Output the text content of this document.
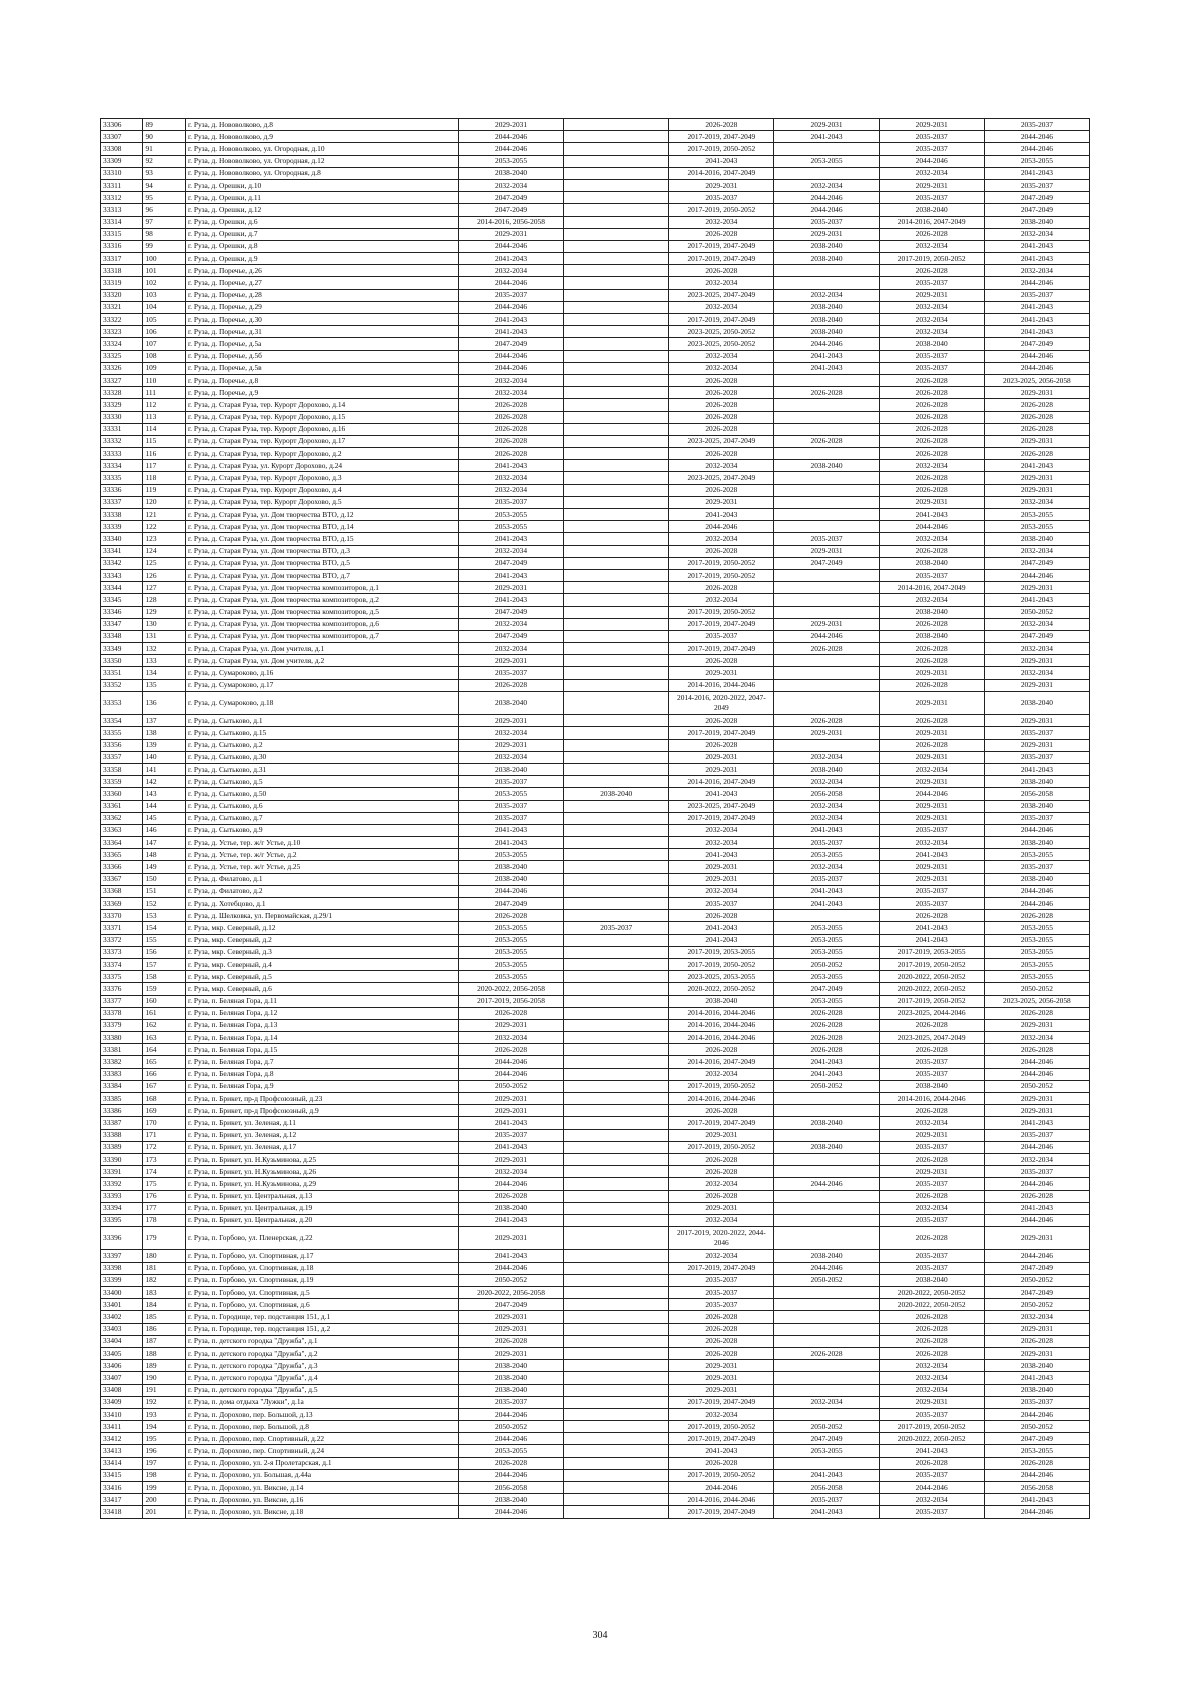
33306	89	г. Руза, д. Нововолково, д.8	2029-2031		2026-2028	2029-2031	2029-2031	2035-2037
33307	90	г. Руза, д. Нововолково, д.9	2044-2046		2017-2019, 2047-2049	2041-2043	2035-2037	2044-2046
33308	91	г. Руза, д. Нововолково, ул. Огородная, д.10	2044-2046		2017-2019, 2050-2052		2035-2037	2044-2046
33309	92	г. Руза, д. Нововолково, ул. Огородная, д.12	2053-2055		2041-2043	2053-2055	2044-2046	2053-2055
33310	93	г. Руза, д. Нововолково, ул. Огородная, д.8	2038-2040		2014-2016, 2047-2049		2032-2034	2041-2043
33311	94	г. Руза, д. Орешки, д.10	2032-2034		2029-2031	2032-2034	2029-2031	2035-2037
33312	95	г. Руза, д. Орешки, д.11	2047-2049		2035-2037	2044-2046	2035-2037	2047-2049
33313	96	г. Руза, д. Орешки, д.12	2047-2049		2017-2019, 2050-2052	2044-2046	2038-2040	2047-2049
33314	97	г. Руза, д. Орешки, д.6	2014-2016, 2056-2058		2032-2034	2035-2037	2014-2016, 2047-2049	2038-2040
33315	98	г. Руза, д. Орешки, д.7	2029-2031		2026-2028	2029-2031	2026-2028	2032-2034
33316	99	г. Руза, д. Орешки, д.8	2044-2046		2017-2019, 2047-2049	2038-2040	2032-2034	2041-2043
33317	100	г. Руза, д. Орешки, д.9	2041-2043		2017-2019, 2047-2049	2038-2040	2017-2019, 2050-2052	2041-2043
33318	101	г. Руза, д. Поречье, д.26	2032-2034		2026-2028		2026-2028	2032-2034
33319	102	г. Руза, д. Поречье, д.27	2044-2046		2032-2034		2035-2037	2044-2046
33320	103	г. Руза, д. Поречье, д.28	2035-2037		2023-2025, 2047-2049	2032-2034	2029-2031	2035-2037
33321	104	г. Руза, д. Поречье, д.29	2044-2046		2032-2034	2038-2040	2032-2034	2041-2043
33322	105	г. Руза, д. Поречье, д.30	2041-2043		2017-2019, 2047-2049	2038-2040	2032-2034	2041-2043
33323	106	г. Руза, д. Поречье, д.31	2041-2043		2023-2025, 2050-2052	2038-2040	2032-2034	2041-2043
33324	107	г. Руза, д. Поречье, д.5а	2047-2049		2023-2025, 2050-2052	2044-2046	2038-2040	2047-2049
33325	108	г. Руза, д. Поречье, д.5б	2044-2046		2032-2034	2041-2043	2035-2037	2044-2046
33326	109	г. Руза, д. Поречье, д.5в	2044-2046		2032-2034	2041-2043	2035-2037	2044-2046
33327	110	г. Руза, д. Поречье, д.8	2032-2034		2026-2028		2026-2028	2023-2025, 2056-2058
33328	111	г. Руза, д. Поречье, д.9	2032-2034		2026-2028	2026-2028	2026-2028	2029-2031
33329	112	г. Руза, д. Старая Руза, тер. Курорт Дорохово, д.14	2026-2028		2026-2028		2026-2028	2026-2028
33330	113	г. Руза, д. Старая Руза, тер. Курорт Дорохово, д.15	2026-2028		2026-2028		2026-2028	2026-2028
33331	114	г. Руза, д. Старая Руза, тер. Курорт Дорохово, д.16	2026-2028		2026-2028		2026-2028	2026-2028
33332	115	г. Руза, д. Старая Руза, тер. Курорт Дорохово, д.17	2026-2028		2023-2025, 2047-2049	2026-2028	2026-2028	2029-2031
33333	116	г. Руза, д. Старая Руза, тер. Курорт Дорохово, д.2	2026-2028		2026-2028		2026-2028	2026-2028
33334	117	г. Руза, д. Старая Руза, ул. Курорт Дорохово, д.24	2041-2043		2032-2034	2038-2040	2032-2034	2041-2043
33335	118	г. Руза, д. Старая Руза, тер. Курорт Дорохово, д.3	2032-2034		2023-2025, 2047-2049		2026-2028	2029-2031
33336	119	г. Руза, д. Старая Руза, тер. Курорт Дорохово, д.4	2032-2034		2026-2028		2026-2028	2029-2031
33337	120	г. Руза, д. Старая Руза, тер. Курорт Дорохово, д.5	2035-2037		2029-2031		2029-2031	2032-2034
33338	121	г. Руза, д. Старая Руза, ул. Дом творчества ВТО, д.12	2053-2055		2041-2043		2041-2043	2053-2055
33339	122	г. Руза, д. Старая Руза, ул. Дом творчества ВТО, д.14	2053-2055		2044-2046		2044-2046	2053-2055
33340	123	г. Руза, д. Старая Руза, ул. Дом творчества ВТО, д.15	2041-2043		2032-2034	2035-2037	2032-2034	2038-2040
33341	124	г. Руза, д. Старая Руза, ул. Дом творчества ВТО, д.3	2032-2034		2026-2028	2029-2031	2026-2028	2032-2034
33342	125	г. Руза, д. Старая Руза, ул. Дом творчества ВТО, д.5	2047-2049		2017-2019, 2050-2052	2047-2049	2038-2040	2047-2049
33343	126	г. Руза, д. Старая Руза, ул. Дом творчества ВТО, д.7	2041-2043		2017-2019, 2050-2052		2035-2037	2044-2046
33344	127	г. Руза, д. Старая Руза, ул. Дом творчества композиторов, д.1	2029-2031		2026-2028		2014-2016, 2047-2049	2029-2031
33345	128	г. Руза, д. Старая Руза, ул. Дом творчества композиторов, д.2	2041-2043		2032-2034		2032-2034	2041-2043
33346	129	г. Руза, д. Старая Руза, ул. Дом творчества композиторов, д.5	2047-2049		2017-2019, 2050-2052		2038-2040	2050-2052
33347	130	г. Руза, д. Старая Руза, ул. Дом творчества композиторов, д.6	2032-2034		2017-2019, 2047-2049	2029-2031	2026-2028	2032-2034
33348	131	г. Руза, д. Старая Руза, ул. Дом творчества композиторов, д.7	2047-2049		2035-2037	2044-2046	2038-2040	2047-2049
33349	132	г. Руза, д. Старая Руза, ул. Дом учителя, д.1	2032-2034		2017-2019, 2047-2049	2026-2028	2026-2028	2032-2034
33350	133	г. Руза, д. Старая Руза, ул. Дом учителя, д.2	2029-2031		2026-2028		2026-2028	2029-2031
33351	134	г. Руза, д. Сумароково, д.16	2035-2037		2029-2031		2029-2031	2032-2034
33352	135	г. Руза, д. Сумароково, д.17	2026-2028		2014-2016, 2044-2046		2026-2028	2029-2031
33353	136	г. Руза, д. Сумароково, д.18	2038-2040		2014-2016, 2020-2022, 2047-2049		2029-2031	2038-2040
33354	137	г. Руза, д. Сытьково, д.1	2029-2031		2026-2028	2026-2028	2026-2028	2029-2031
33355	138	г. Руза, д. Сытьково, д.15	2032-2034		2017-2019, 2047-2049	2029-2031	2029-2031	2035-2037
33356	139	г. Руза, д. Сытьково, д.2	2029-2031		2026-2028		2026-2028	2029-2031
33357	140	г. Руза, д. Сытьково, д.30	2032-2034		2029-2031	2032-2034	2029-2031	2035-2037
33358	141	г. Руза, д. Сытьково, д.31	2038-2040		2029-2031	2038-2040	2032-2034	2041-2043
33359	142	г. Руза, д. Сытьково, д.5	2035-2037		2014-2016, 2047-2049	2032-2034	2029-2031	2038-2040
33360	143	г. Руза, д. Сытьково, д.50	2053-2055	2038-2040	2041-2043	2056-2058	2044-2046	2056-2058
33361	144	г. Руза, д. Сытьково, д.6	2035-2037		2023-2025, 2047-2049	2032-2034	2029-2031	2038-2040
33362	145	г. Руза, д. Сытьково, д.7	2035-2037		2017-2019, 2047-2049	2032-2034	2029-2031	2035-2037
33363	146	г. Руза, д. Сытьково, д.9	2041-2043		2032-2034	2041-2043	2035-2037	2044-2046
33364	147	г. Руза, д. Устье, тер. ж/г Устье, д.10	2041-2043		2032-2034	2035-2037	2032-2034	2038-2040
33365	148	г. Руза, д. Устье, тер. ж/г Устье, д.2	2053-2055		2041-2043	2053-2055	2041-2043	2053-2055
33366	149	г. Руза, д. Устье, тер. ж/г Устье, д.25	2038-2040		2029-2031	2032-2034	2029-2031	2035-2037
33367	150	г. Руза, д. Филатово, д.1	2038-2040		2029-2031	2035-2037	2029-2031	2038-2040
33368	151	г. Руза, д. Филатово, д.2	2044-2046		2032-2034	2041-2043	2035-2037	2044-2046
33369	152	г. Руза, д. Хотебцово, д.1	2047-2049		2035-2037	2041-2043	2035-2037	2044-2046
33370	153	г. Руза, д. Шелковка, ул. Первомайская, д.29/1	2026-2028		2026-2028		2026-2028	2026-2028
33371	154	г. Руза, мкр. Северный, д.12	2053-2055	2035-2037	2041-2043	2053-2055	2041-2043	2053-2055
33372	155	г. Руза, мкр. Северный, д.2	2053-2055		2041-2043	2053-2055	2041-2043	2053-2055
33373	156	г. Руза, мкр. Северный, д.3	2053-2055		2017-2019, 2053-2055	2053-2055	2017-2019, 2053-2055	2053-2055
33374	157	г. Руза, мкр. Северный, д.4	2053-2055		2017-2019, 2050-2052	2050-2052	2017-2019, 2050-2052	2053-2055
33375	158	г. Руза, мкр. Северный, д.5	2053-2055		2023-2025, 2053-2055	2053-2055	2020-2022, 2050-2052	2053-2055
33376	159	г. Руза, мкр. Северный, д.6	2020-2022, 2056-2058		2020-2022, 2050-2052	2047-2049	2020-2022, 2050-2052	2050-2052
33377	160	г. Руза, п. Беляная Гора, д.11	2017-2019, 2056-2058		2038-2040	2053-2055	2017-2019, 2050-2052	2023-2025, 2056-2058
33378	161	г. Руза, п. Беляная Гора, д.12	2026-2028		2014-2016, 2044-2046	2026-2028	2023-2025, 2044-2046	2026-2028
33379	162	г. Руза, п. Беляная Гора, д.13	2029-2031		2014-2016, 2044-2046	2026-2028	2026-2028	2029-2031
33380	163	г. Руза, п. Беляная Гора, д.14	2032-2034		2014-2016, 2044-2046	2026-2028	2023-2025, 2047-2049	2032-2034
33381	164	г. Руза, п. Беляная Гора, д.15	2026-2028		2026-2028	2026-2028	2026-2028	2026-2028
33382	165	г. Руза, п. Беляная Гора, д.7	2044-2046		2014-2016, 2047-2049	2041-2043	2035-2037	2044-2046
33383	166	г. Руза, п. Беляная Гора, д.8	2044-2046		2032-2034	2041-2043	2035-2037	2044-2046
33384	167	г. Руза, п. Беляная Гора, д.9	2050-2052		2017-2019, 2050-2052	2050-2052	2038-2040	2050-2052
33385	168	г. Руза, п. Брикет, пр-д Профсоюзный, д.23	2029-2031		2014-2016, 2044-2046		2014-2016, 2044-2046	2029-2031
33386	169	г. Руза, п. Брикет, пр-д Профсоюзный, д.9	2029-2031		2026-2028		2026-2028	2029-2031
33387	170	г. Руза, п. Брикет, ул. Зеленая, д.11	2041-2043		2017-2019, 2047-2049	2038-2040	2032-2034	2041-2043
33388	171	г. Руза, п. Брикет, ул. Зеленая, д.12	2035-2037		2029-2031		2029-2031	2035-2037
33389	172	г. Руза, п. Брикет, ул. Зеленая, д.17	2041-2043		2017-2019, 2050-2052	2038-2040	2035-2037	2044-2046
33390	173	г. Руза, п. Брикет, ул. Н.Кузьминова, д.25	2029-2031		2026-2028		2026-2028	2032-2034
33391	174	г. Руза, п. Брикет, ул. Н.Кузьминова, д.26	2032-2034		2026-2028		2029-2031	2035-2037
33392	175	г. Руза, п. Брикет, ул. Н.Кузьминова, д.29	2044-2046		2032-2034	2044-2046	2035-2037	2044-2046
33393	176	г. Руза, п. Брикет, ул. Центральная, д.13	2026-2028		2026-2028		2026-2028	2026-2028
33394	177	г. Руза, п. Брикет, ул. Центральная, д.19	2038-2040		2029-2031		2032-2034	2041-2043
33395	178	г. Руза, п. Брикет, ул. Центральная, д.20	2041-2043		2032-2034		2035-2037	2044-2046
33396	179	г. Руза, п. Горбово, ул. Пленерская, д.22	2029-2031		2017-2019, 2020-2022, 2044-2046		2026-2028	2029-2031
33397	180	г. Руза, п. Горбово, ул. Спортивная, д.17	2041-2043		2032-2034	2038-2040	2035-2037	2044-2046
33398	181	г. Руза, п. Горбово, ул. Спортивная, д.18	2044-2046		2017-2019, 2047-2049	2044-2046	2035-2037	2047-2049
33399	182	г. Руза, п. Горбово, ул. Спортивная, д.19	2050-2052		2035-2037	2050-2052	2038-2040	2050-2052
33400	183	г. Руза, п. Горбово, ул. Спортивная, д.5	2020-2022, 2056-2058		2035-2037		2020-2022, 2050-2052	2047-2049
33401	184	г. Руза, п. Горбово, ул. Спортивная, д.6	2047-2049		2035-2037		2020-2022, 2050-2052	2050-2052
33402	185	г. Руза, п. Городище, тер. подстанция 151, д.1	2029-2031		2026-2028		2026-2028	2032-2034
33403	186	г. Руза, п. Городище, тер. подстанция 151, д.2	2029-2031		2026-2028		2026-2028	2029-2031
33404	187	г. Руза, п. детского городка "Дружба", д.1	2026-2028		2026-2028		2026-2028	2026-2028
33405	188	г. Руза, п. детского городка "Дружба", д.2	2029-2031		2026-2028	2026-2028	2026-2028	2029-2031
33406	189	г. Руза, п. детского городка "Дружба", д.3	2038-2040		2029-2031		2032-2034	2038-2040
33407	190	г. Руза, п. детского городка "Дружба", д.4	2038-2040		2029-2031		2032-2034	2041-2043
33408	191	г. Руза, п. детского городка "Дружба", д.5	2038-2040		2029-2031		2032-2034	2038-2040
33409	192	г. Руза, п. дома отдыха "Лужки", д.1а	2035-2037		2017-2019, 2047-2049	2032-2034	2029-2031	2035-2037
33410	193	г. Руза, п. Дорохово, пер. Большой, д.13	2044-2046		2032-2034		2035-2037	2044-2046
33411	194	г. Руза, п. Дорохово, пер. Большой, д.8	2050-2052		2017-2019, 2050-2052	2050-2052	2017-2019, 2050-2052	2050-2052
33412	195	г. Руза, п. Дорохово, пер. Спортивный, д.22	2044-2046		2017-2019, 2047-2049	2047-2049	2020-2022, 2050-2052	2047-2049
33413	196	г. Руза, п. Дорохово, пер. Спортивный, д.24	2053-2055		2041-2043	2053-2055	2041-2043	2053-2055
33414	197	г. Руза, п. Дорохово, ул. 2-я Пролетарская, д.1	2026-2028		2026-2028		2026-2028	2026-2028
33415	198	г. Руза, п. Дорохово, ул. Большая, д.44а	2044-2046		2017-2019, 2050-2052	2041-2043	2035-2037	2044-2046
33416	199	г. Руза, п. Дорохово, ул. Виксне, д.14	2056-2058		2044-2046	2056-2058	2044-2046	2056-2058
33417	200	г. Руза, п. Дорохово, ул. Виксне, д.16	2038-2040		2014-2016, 2044-2046	2035-2037	2032-2034	2041-2043
33418	201	г. Руза, п. Дорохово, ул. Виксне, д.18	2044-2046		2017-2019, 2047-2049	2041-2043	2035-2037	2044-2046
304
